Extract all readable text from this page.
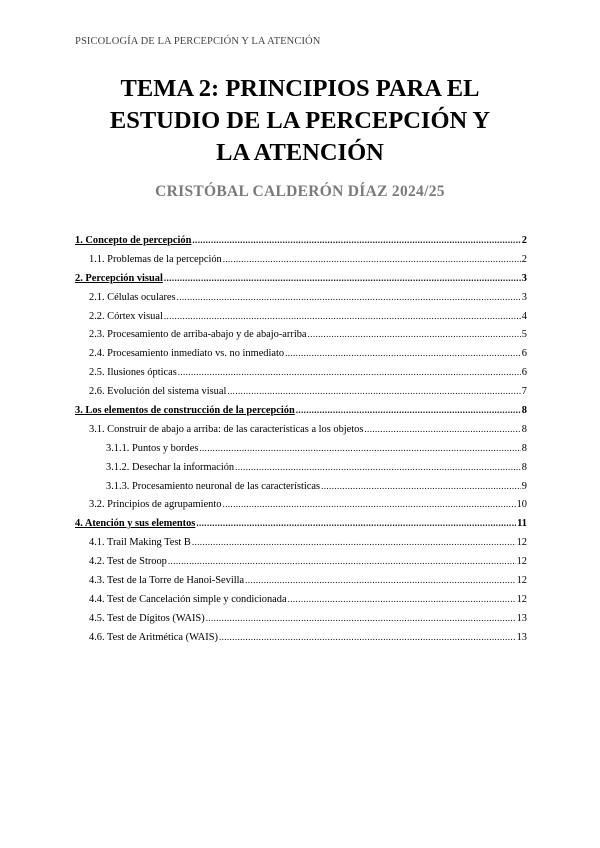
PSICOLOGÍA DE LA PERCEPCIÓN Y LA ATENCIÓN
TEMA 2: PRINCIPIOS PARA EL
ESTUDIO DE LA PERCEPCIÓN Y
LA ATENCIÓN
CRISTÓBAL CALDERÓN DÍAZ 2024/25
1. Concepto de percepción .....	2
1.1. Problemas de la percepción .....	2
2. Percepción visual .....	3
2.1. Células oculares .....	3
2.2. Córtex visual .....	4
2.3. Procesamiento de arriba-abajo y de abajo-arriba .....	5
2.4. Procesamiento inmediato vs. no inmediato .....	6
2.5. Ilusiones ópticas .....	6
2.6. Evolución del sistema visual .....	7
3. Los elementos de construcción de la percepción .....	8
3.1. Construir de abajo a arriba: de las características a los objetos .....	8
3.1.1. Puntos y bordes .....	8
3.1.2. Desechar la información .....	8
3.1.3. Procesamiento neuronal de las características .....	9
3.2. Principios de agrupamiento .....	10
4. Atención y sus elementos .....	11
4.1. Trail Making Test B .....	12
4.2. Test de Stroop .....	12
4.3. Test de la Torre de Hanoi-Sevilla .....	12
4.4. Test de Cancelación simple y condicionada .....	12
4.5. Test de Dígitos (WAIS) .....	13
4.6. Test de Aritmética (WAIS) .....	13
